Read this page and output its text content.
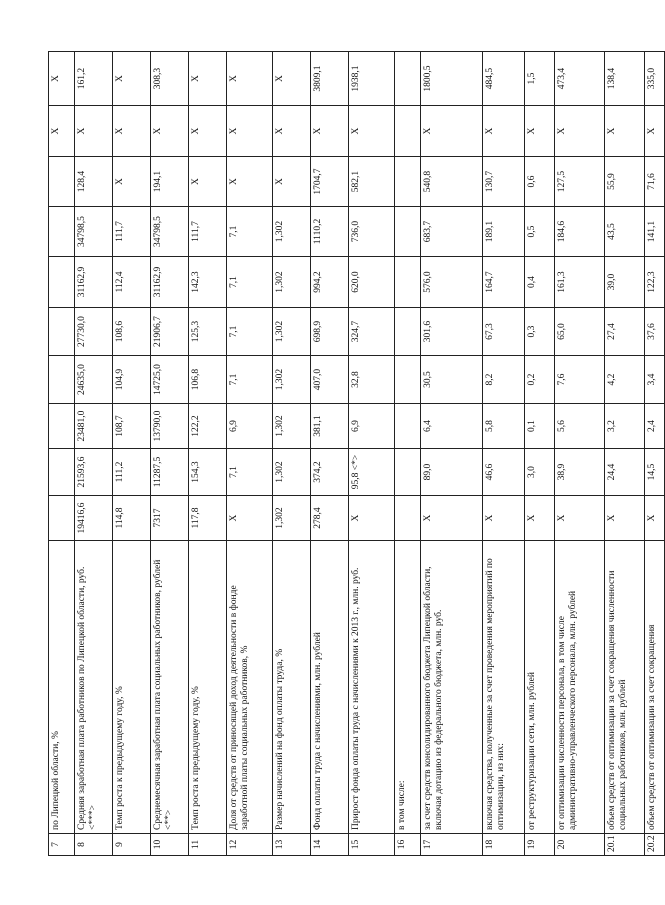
7	по Липецкой области, %									X	X
8	Средняя заработная плата работников по Липецкой области, руб. <***>	19416,6	21593,6	23481,0	24635,0	27730,0	31162,9	34798,5	128,4	X	161,2
9	Темп роста к предыдущему году, %	114,8	111,2	108,7	104,9	108,6	112,4	111,7	X	X	X
10	Среднемесячная заработная плата социальных работников, рублей <**>	7317	11287,5	13790,0	14725,0	21906,7	31162,9	34798,5	194,1	X	308,3
11	Темп роста к предыдущему году, %	117,8	154,3	122,2	106,8	125,3	142,3	111,7	X	X	X
12	Доля от средств от приносящей доход деятельности в фонде заработной платы социальных работников, %	X	7,1	6,9	7,1	7,1	7,1	7,1	X	X	X
13	Размер начислений на фонд оплаты труда, %	1,302	1,302	1,302	1,302	1,302	1,302	1,302	X	X	X
14	Фонд оплаты труда с начислениями, млн. рублей	278,4	374,2	381,1	407,0	698,9	994,2	1110,2	1704,7	X	3809,1
15	Прирост фонда оплаты труда с начислениями к 2013 г., млн. руб.	X	95,8 <*>	6,9	32,8	324,7	620,0	736,0	582,1	X	1938,1
16	в том числе:										
17	за счет средств консолидированного бюджета Липецкой области, включая дотацию из федерального бюджета, млн. руб.	X	89,0	6,4	30,5	301,6	576,0	683,7	540,8	X	1800,5
18	включая средства, полученные за счет проведения мероприятий по оптимизации, из них:	X	46,6	5,8	8,2	67,3	164,7	189,1	130,7	X	484,5
19	от реструктуризации сети, млн. рублей	X	3,0	0,1	0,2	0,3	0,4	0,5	0,6	X	1,5
20	от оптимизации численности персонала, в том числе административно-управленческого персонала, млн. рублей	X	38,9	5,6	7,6	65,0	161,3	184,6	127,5	X	473,4
20.1	объем средств от оптимизации за счет сокращения численности социальных работников, млн. рублей	X	24,4	3,2	4,2	27,4	39,0	43,5	55,9	X	138,4
20.2	объем средств от оптимизации за счет сокращения	X	14,5	2,4	3,4	37,6	122,3	141,1	71,6	X	335,0
